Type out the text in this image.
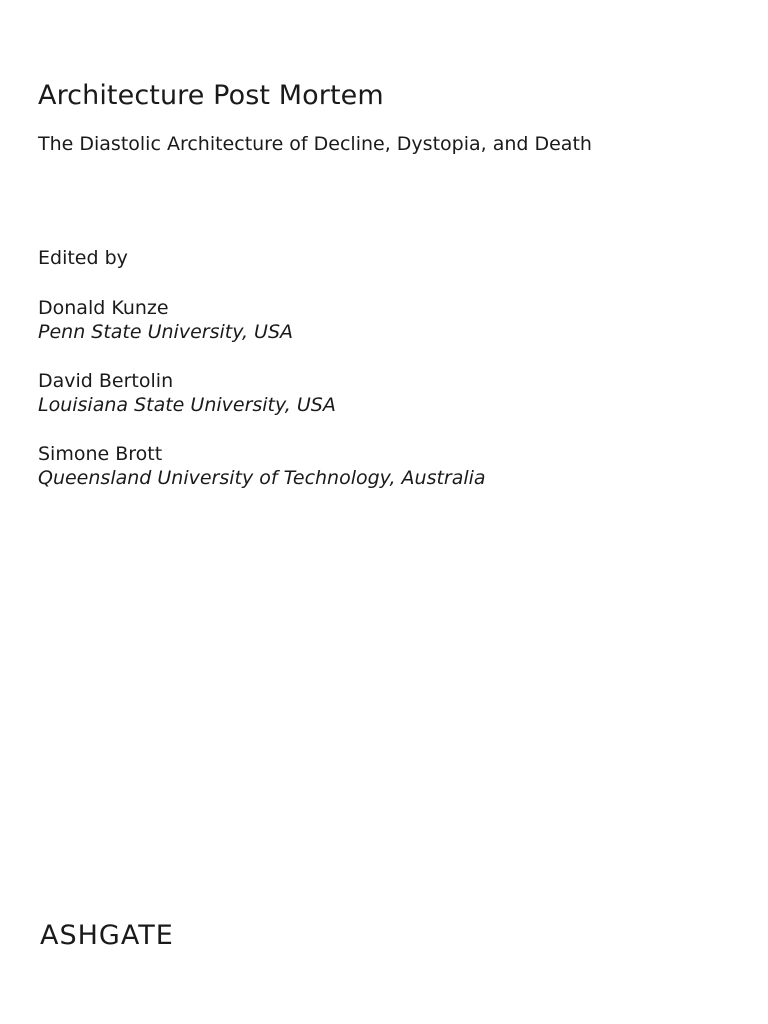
Architecture Post Mortem

The Diastolic Architecture of Decline, Dystopia, and Death

Edited by

Donald Kunze
Penn State University, USA
David Bertolin
Louisiana State University, USA
Simone Brott
Queensland University of Technology, Australia
ASHGATE
